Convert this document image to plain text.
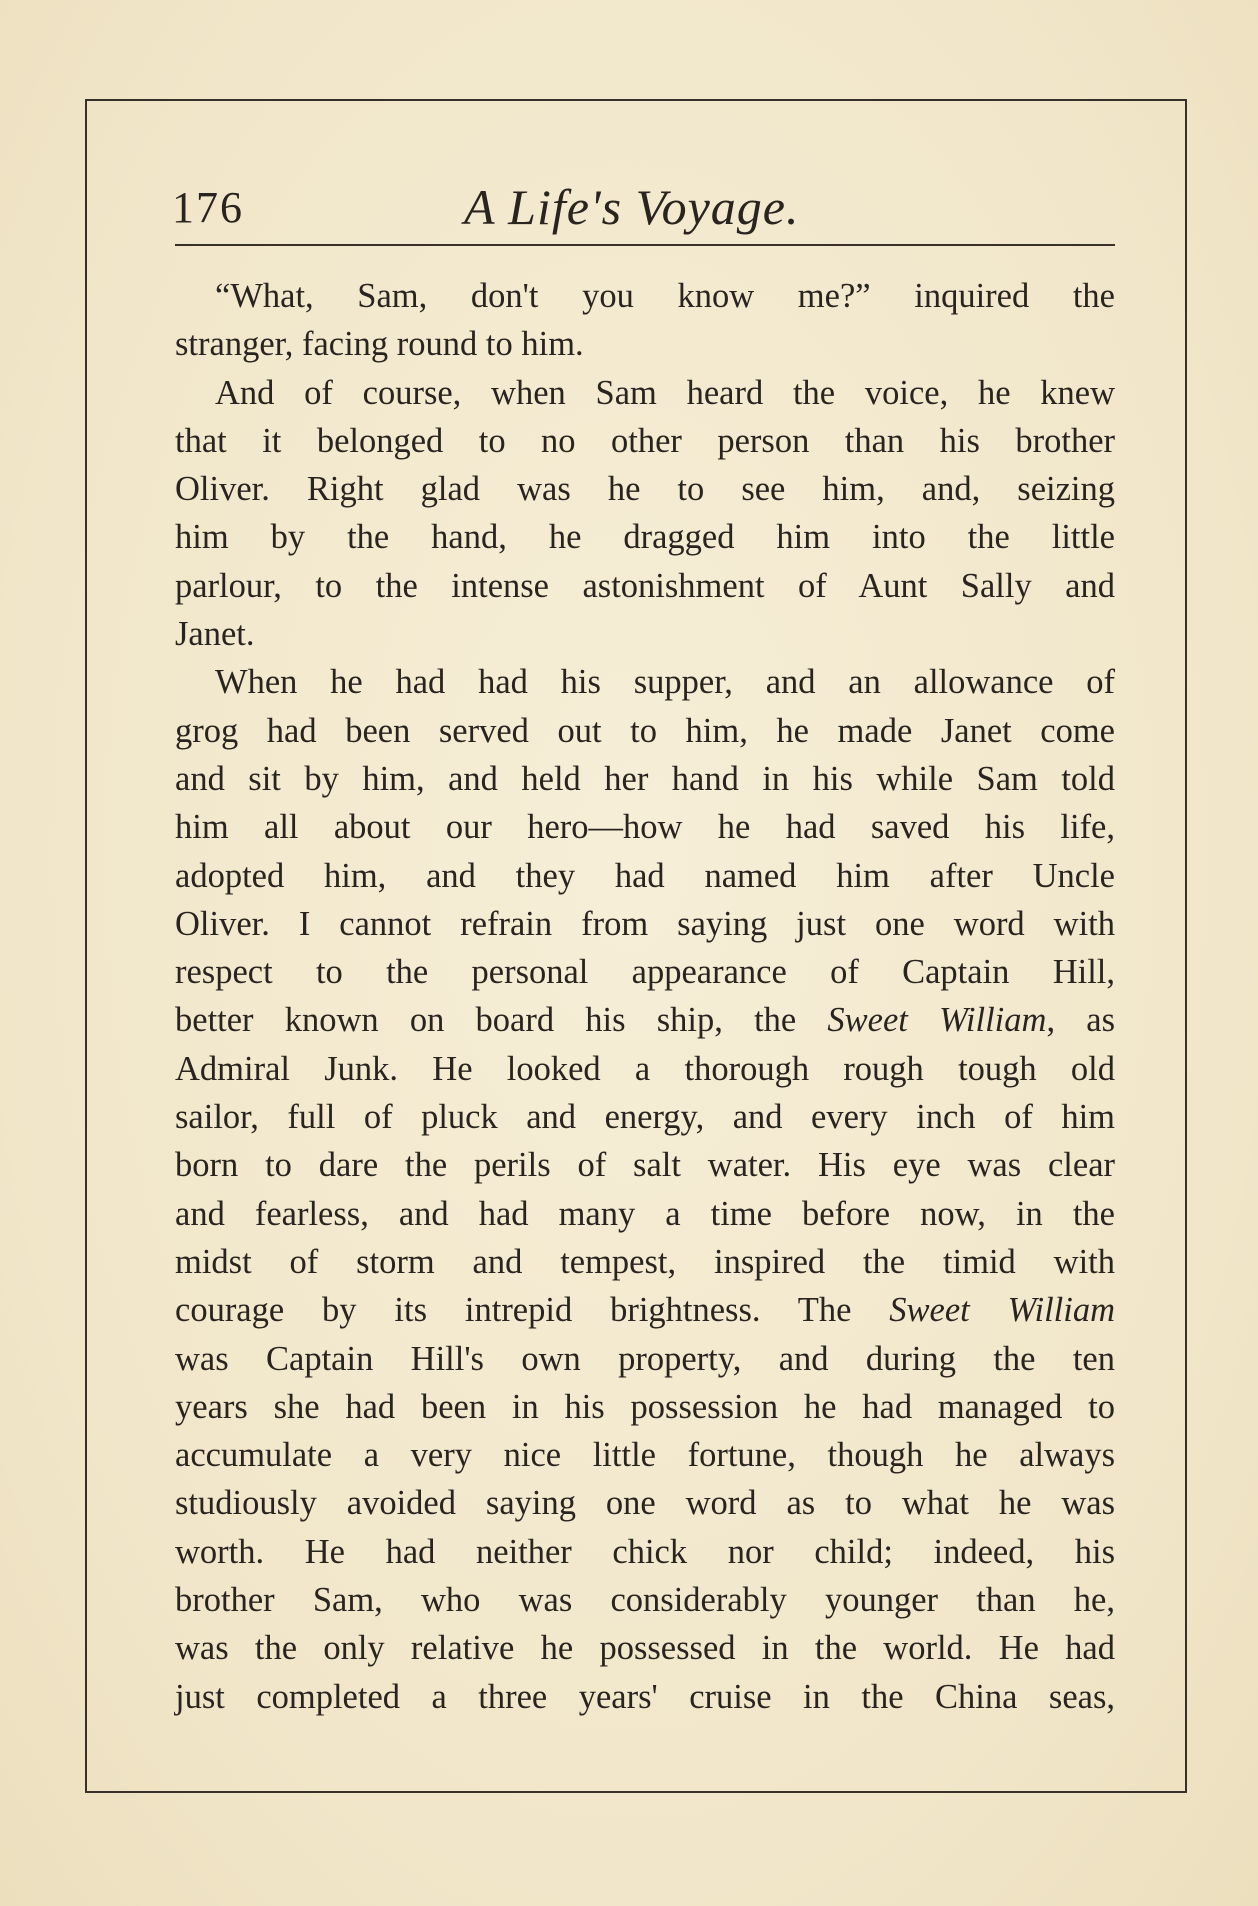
176	A Life's Voyage.
“What, Sam, don't you know me?” inquired the
stranger, facing round to him.
And of course, when Sam heard the voice, he knew
that it belonged to no other person than his brother
Oliver. Right glad was he to see him, and, seizing
him by the hand, he dragged him into the little
parlour, to the intense astonishment of Aunt Sally and
Janet.
When he had had his supper, and an allowance of
grog had been served out to him, he made Janet come
and sit by him, and held her hand in his while Sam told
him all about our hero—how he had saved his life,
adopted him, and they had named him after Uncle
Oliver. I cannot refrain from saying just one word with
respect to the personal appearance of Captain Hill,
better known on board his ship, the Sweet William, as
Admiral Junk. He looked a thorough rough tough old
sailor, full of pluck and energy, and every inch of him
born to dare the perils of salt water. His eye was clear
and fearless, and had many a time before now, in the
midst of storm and tempest, inspired the timid with
courage by its intrepid brightness. The Sweet William
was Captain Hill's own property, and during the ten
years she had been in his possession he had managed to
accumulate a very nice little fortune, though he always
studiously avoided saying one word as to what he was
worth. He had neither chick nor child; indeed, his
brother Sam, who was considerably younger than he,
was the only relative he possessed in the world. He had
just completed a three years' cruise in the China seas,
